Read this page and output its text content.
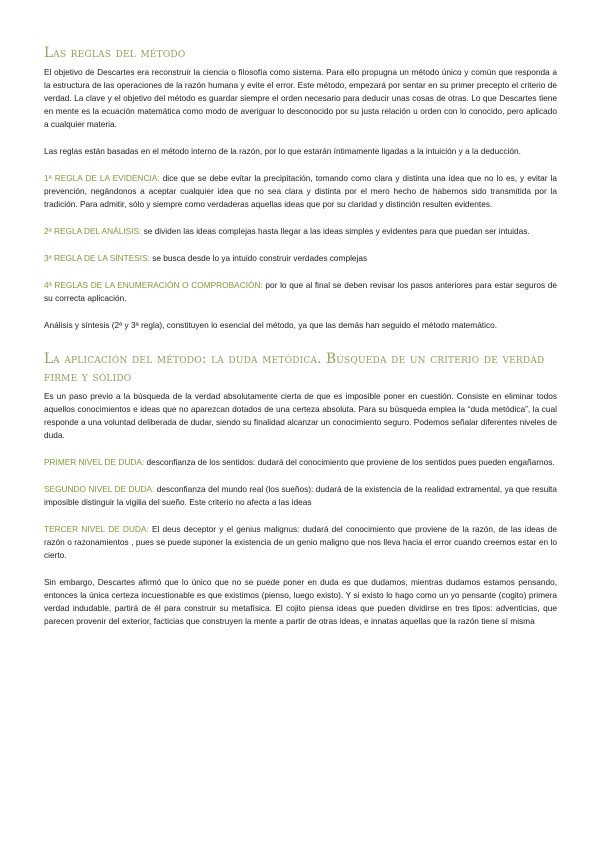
Las reglas del método

El objetivo de Descartes era reconstruir la ciencia o filosofía como sistema. Para ello propugna un método único y común que responda a la estructura de las operaciones de la razón humana y evite el error. Este método, empezará por sentar en su primer precepto el criterio de verdad. La clave y el objetivo del método es guardar siempre el orden necesario para deducir unas cosas de otras. Lo que Descartes tiene en mente es la ecuación matemática como modo de averiguar lo desconocido por su justa relación u orden con lo conocido, pero aplicado a cualquier materia.

Las reglas están basadas en el método interno de la razón, por lo que estarán íntimamente ligadas a la intuición y a la deducción.

1ª REGLA DE LA EVIDENCIA: dice que se debe evitar la precipitación, tomando como clara y distinta una idea que no lo es, y evitar la prevención, negándonos a aceptar cualquier idea que no sea clara y distinta por el mero hecho de habernos sido transmitida por la tradición. Para admitir, sólo y siempre como verdaderas aquellas ideas que por su claridad y distinción resulten evidentes.

2ª REGLA DEL ANÁLISIS: se dividen las ideas complejas hasta llegar a las ideas simples y evidentes para que puedan ser intuidas.

3ª REGLA DE LA SÍNTESIS: se busca desde lo ya intuido construir verdades complejas

4ª REGLAS DE LA ENUMERACIÓN O COMPROBACIÓN: por lo que al final se deben revisar los pasos anteriores para estar seguros de su correcta aplicación.

Análisis y síntesis (2ª y 3ª regla), constituyen lo esencial del método, ya que las demás han seguido el método matemático.

La aplicación del método: la duda metódica. Búsqueda de un criterio de verdad firme y sólido

Es un paso previo a la búsqueda de la verdad absolutamente cierta de que es imposible poner en cuestión. Consiste en eliminar todos aquellos conocimientos e ideas que no aparezcan dotados de una certeza absoluta. Para su búsqueda emplea la “duda metódica”, la cual responde a una voluntad deliberada de dudar, siendo su finalidad alcanzar un conocimiento seguro. Podemos señalar diferentes niveles de duda.

PRIMER NIVEL DE DUDA: desconfianza de los sentidos: dudará del conocimiento que proviene de los sentidos pues pueden engañarnos.

SEGUNDO NIVEL DE DUDA: desconfianza del mundo real (los sueños): dudará de la existencia de la realidad extramental, ya que resulta imposible distinguir la vigilia del sueño. Este criterio no afecta a las ideas

TERCER NIVEL DE DUDA: El deus deceptor y el genius malignus: dudará del conocimiento que proviene de la razón, de las ideas de razón o razonamientos , pues se puede suponer la existencia de un genio maligno que nos lleva hacia el error cuando creemos estar en lo cierto.

Sin embargo, Descartes afirmó que lo único que no se puede poner en duda es que dudamos, mientras dudamos estamos pensando, entonces la única certeza incuestionable es que existimos (pienso, luego existo). Y si existo lo hago como un yo pensante (cogito) primera verdad indudable, partirá de él para construir su metafísica. El cojito piensa ideas que pueden dividirse en tres tipos: adventicias, que parecen provenir del exterior, facticias que construyen la mente a partir de otras ideas, e innatas aquellas que la razón tiene sí misma
